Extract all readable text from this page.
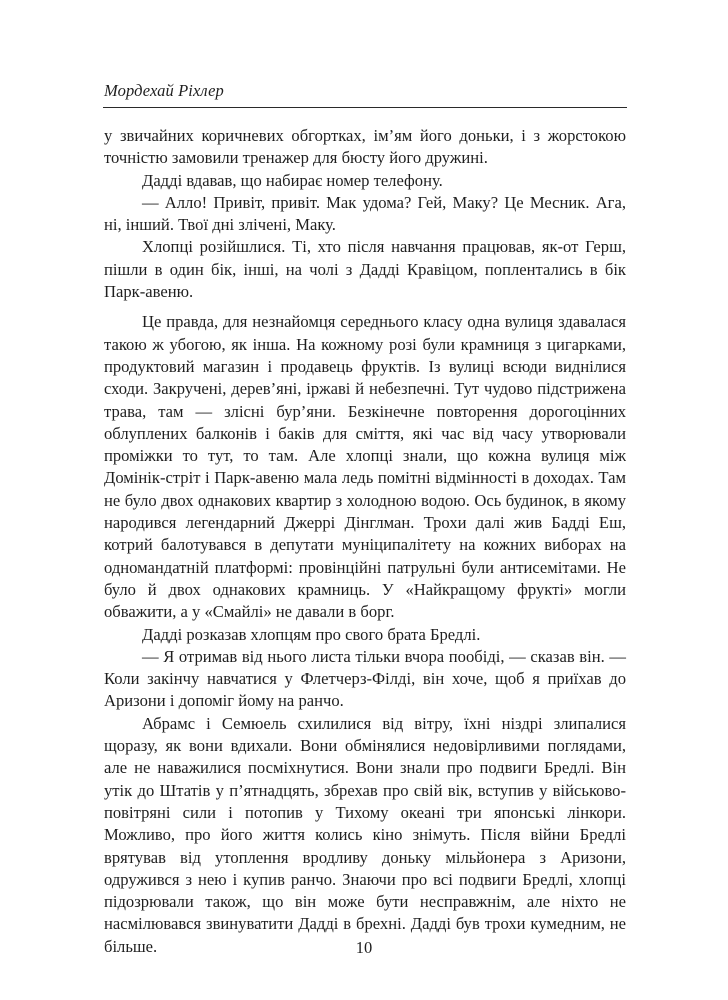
Мордехай Ріхлер

у звичайних коричневих обгортках, ім’ям його доньки, і з жорстокою точністю замовили тренажер для бюсту його дружині.

Дадді вдавав, що набирає номер телефону.

— Алло! Привіт, привіт. Мак удома? Гей, Маку? Це Месник. Ага, ні, інший. Твої дні злічені, Маку.

Хлопці розійшлися. Ті, хто після навчання працював, як-от Герш, пішли в один бік, інші, на чолі з Дадді Кравіцом, поплентались в бік Парк-авеню.

Це правда, для незнайомця середнього класу одна вулиця здавалася такою ж убогою, як інша. На кожному розі були крамниця з цигарками, продуктовий магазин і продавець фруктів. Із вулиці всюди виднілися сходи. Закручені, дерев’яні, іржаві й небезпечні. Тут чудово підстрижена трава, там — злісні бур’яни. Безкінечне повторення дорогоцінних облуплених балконів і баків для сміття, які час від часу утворювали проміжки то тут, то там. Але хлопці знали, що кожна вулиця між Домінік-стріт і Парк-авеню мала ледь помітні відмінності в доходах. Там не було двох однакових квартир з холодною водою. Ось будинок, в якому народився легендарний Джеррі Дінглман. Трохи далі жив Бадді Еш, котрий балотувався в депутати муніципалітету на кожних виборах на одномандатній платформі: провінційні патрульні були антисемітами. Не було й двох однакових крамниць. У «Найкращому фрукті» могли обважити, а у «Смайлі» не давали в борг.

Дадді розказав хлопцям про свого брата Бредлі.

— Я отримав від нього листа тільки вчора пообіді, — сказав він. — Коли закінчу навчатися у Флетчерз-Філді, він хоче, щоб я приїхав до Аризони і допоміг йому на ранчо.

Абрамс і Семюель схилилися від вітру, їхні ніздрі злипалися щоразу, як вони вдихали. Вони обмінялися недовірливими поглядами, але не наважилися посміхнутися. Вони знали про подвиги Бредлі. Він утік до Штатів у п’ятнадцять, збрехав про свій вік, вступив у військово-повітряні сили і потопив у Тихому океані три японські лінкори. Можливо, про його життя колись кіно знімуть. Після війни Бредлі врятував від утоплення вродливу доньку мільйонера з Аризони, одружився з нею і купив ранчо. Знаючи про всі подвиги Бредлі, хлопці підозрювали також, що він може бути несправжнім, але ніхто не насмілювався звинуватити Дадді в брехні. Дадді був трохи кумедним, не більше.	10
